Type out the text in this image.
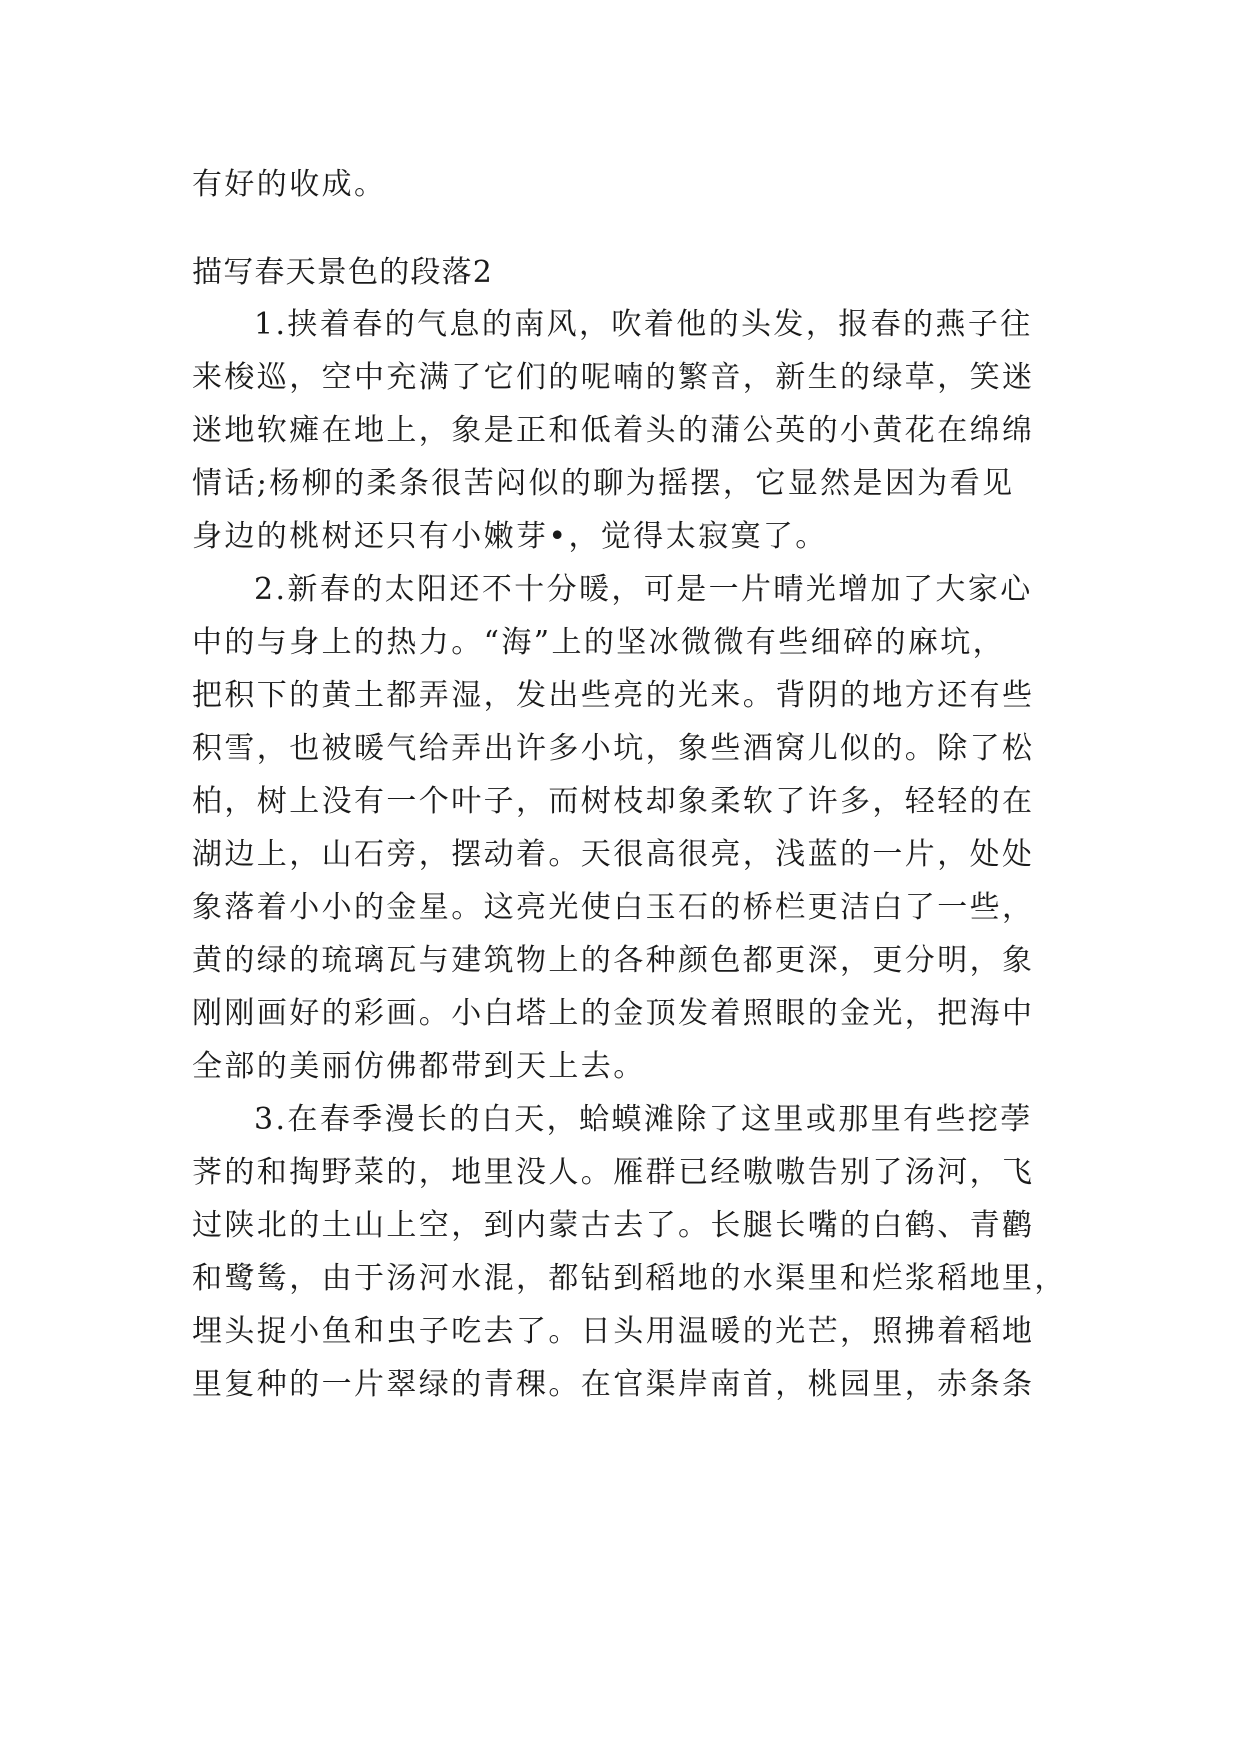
有好的收成。
描写春天景色的段落2
1.挟着春的气息的南风，吹着他的头发，报春的燕子往
来梭巡，空中充满了它们的呢喃的繁音，新生的绿草，笑迷
迷地软瘫在地上，象是正和低着头的蒲公英的小黄花在绵绵
情话;杨柳的柔条很苦闷似的聊为摇摆，它显然是因为看见
身边的桃树还只有小嫩芽•，觉得太寂寞了。
2.新春的太阳还不十分暖，可是一片晴光增加了大家心
中的与身上的热力。“海”上的坚冰微微有些细碎的麻坑，
把积下的黄土都弄湿，发出些亮的光来。背阴的地方还有些
积雪，也被暖气给弄出许多小坑，象些酒窝儿似的。除了松
柏，树上没有一个叶子，而树枝却象柔软了许多，轻轻的在
湖边上，山石旁，摆动着。天很高很亮，浅蓝的一片，处处
象落着小小的金星。这亮光使白玉石的桥栏更洁白了一些，
黄的绿的琉璃瓦与建筑物上的各种颜色都更深，更分明，象
刚刚画好的彩画。小白塔上的金顶发着照眼的金光，把海中
全部的美丽仿佛都带到天上去。
3.在春季漫长的白天，蛤蟆滩除了这里或那里有些挖荸
荠的和掏野菜的，地里没人。雁群已经嗷嗷告别了汤河，飞
过陕北的土山上空，到内蒙古去了。长腿长嘴的白鹤、青鹳
和鹭鸶，由于汤河水混，都钻到稻地的水渠里和烂浆稻地里，
埋头捉小鱼和虫子吃去了。日头用温暖的光芒，照拂着稻地
里复种的一片翠绿的青稞。在官渠岸南首，桃园里，赤条条
